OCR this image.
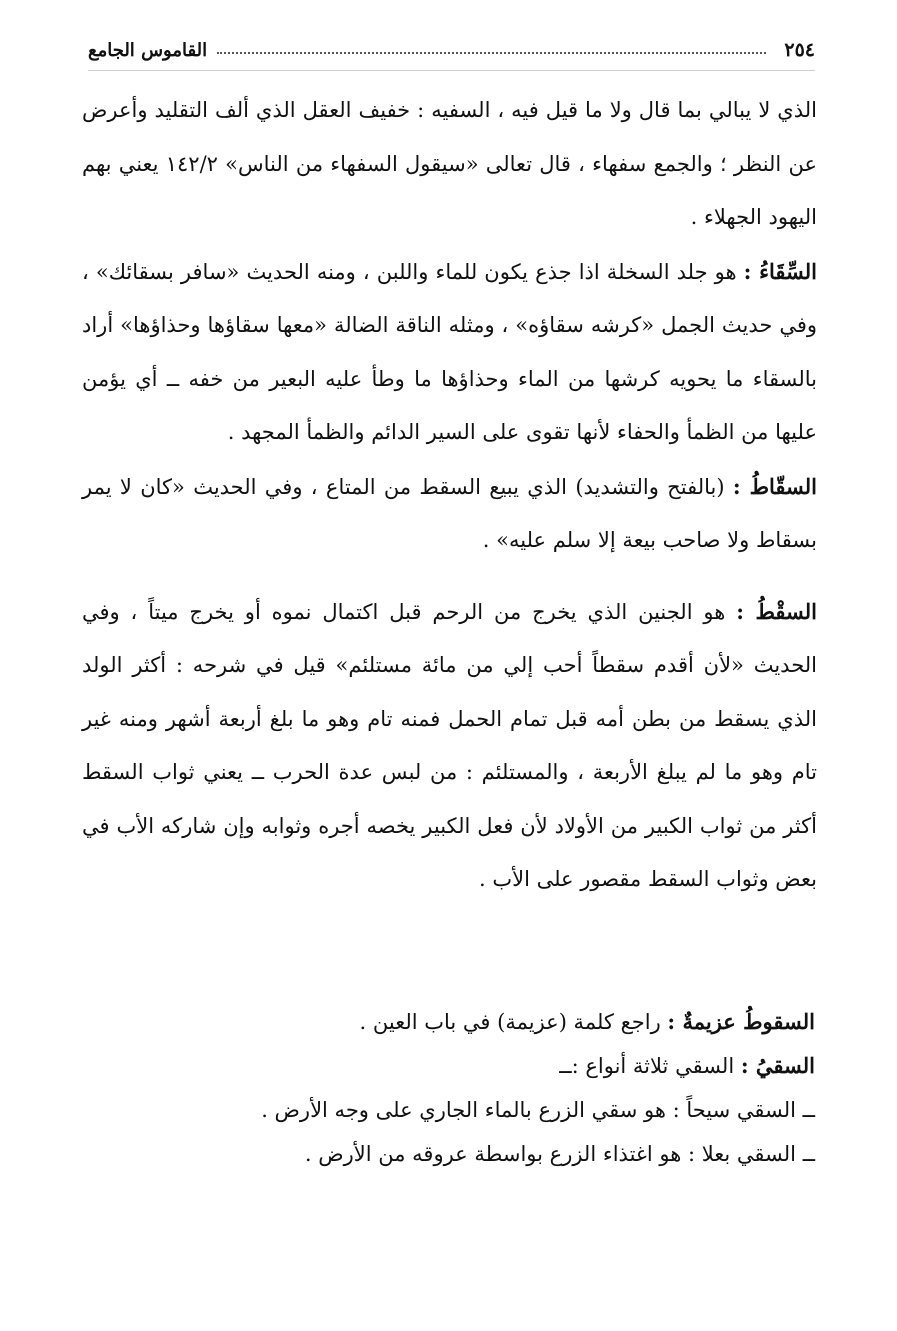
٢٥٤
القاموس الجامع

الذي لا يبالي بما قال ولا ما قيل فيه ، السفيه : خفيف العقل الذي ألف التقليد وأعرض عن النظر ؛ والجمع سفهاء ، قال تعالى «سيقول السفهاء من الناس» ١٤٢/٢ يعني بهم اليهود الجهلاء .

السِّقَاءُ : هو جلد السخلة اذا جذع يكون للماء واللبن ، ومنه الحديث «سافر بسقائك» ، وفي حديث الجمل «كرشه سقاؤه» ، ومثله الناقة الضالة «معها سقاؤها وحذاؤها» أراد بالسقاء ما يحويه كرشها من الماء وحذاؤها ما وطأ عليه البعير من خفه ــ أي يؤمن عليها من الظمأ والحفاء لأنها تقوى على السير الدائم والظمأ المجهد .

السقّاطُ : (بالفتح والتشديد) الذي يبيع السقط من المتاع ، وفي الحديث «كان لا يمر بسقاط ولا صاحب بيعة إلا سلم عليه» .

السقْطُ : هو الجنين الذي يخرج من الرحم قبل اكتمال نموه أو يخرج ميتاً ، وفي الحديث «لأن أقدم سقطاً أحب إلي من مائة مستلئم» قيل في شرحه : أكثر الولد الذي يسقط من بطن أمه قبل تمام الحمل فمنه تام وهو ما بلغ أربعة أشهر ومنه غير تام وهو ما لم يبلغ الأربعة ، والمستلئم : من لبس عدة الحرب ــ يعني ثواب السقط أكثر من ثواب الكبير من الأولاد لأن فعل الكبير يخصه أجره وثوابه وإن شاركه الأب في بعض وثواب السقط مقصور على الأب .

السقوطُ عزيمةٌ : راجع كلمة (عزيمة) في باب العين .

السقيُ : السقي ثلاثة أنواع :ــ

ــ السقي سيحاً : هو سقي الزرع بالماء الجاري على وجه الأرض .

ــ السقي بعلا : هو اغتذاء الزرع بواسطة عروقه من الأرض .
